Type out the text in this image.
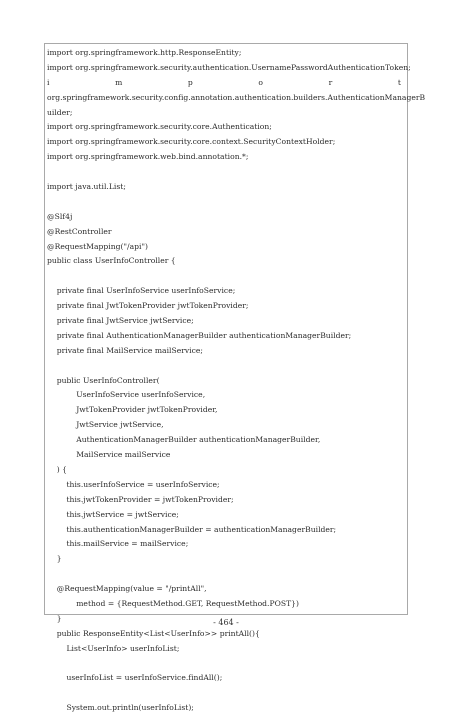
import org.springframework.http.ResponseEntity;
import org.springframework.security.authentication.UsernamePasswordAuthenticationToken;
i	m	p	o	r	t
org.springframework.security.config.annotation.authentication.builders.AuthenticationManagerB
uilder;
import org.springframework.security.core.Authentication;
import org.springframework.security.core.context.SecurityContextHolder;
import org.springframework.web.bind.annotation.*;
import java.util.List;
@Slf4j
@RestController
@RequestMapping("/api")
public class UserInfoController {
private final UserInfoService userInfoService;
private final JwtTokenProvider jwtTokenProvider;
private final JwtService jwtService;
private final AuthenticationManagerBuilder authenticationManagerBuilder;
private final MailService mailService;
public UserInfoController(
UserInfoService userInfoService,
JwtTokenProvider jwtTokenProvider,
JwtService jwtService,
AuthenticationManagerBuilder authenticationManagerBuilder,
MailService mailService
) {
this.userInfoService = userInfoService;
this.jwtTokenProvider = jwtTokenProvider;
this.jwtService = jwtService;
this.authenticationManagerBuilder = authenticationManagerBuilder;
this.mailService = mailService;
}
@RequestMapping(value = "/printAll",
method = {RequestMethod.GET, RequestMethod.POST})
}
public ResponseEntity<List<UserInfo>> printAll(){
List<UserInfo> userInfoList;
userInfoList = userInfoService.findAll();
System.out.println(userInfoList);
- 464 -
